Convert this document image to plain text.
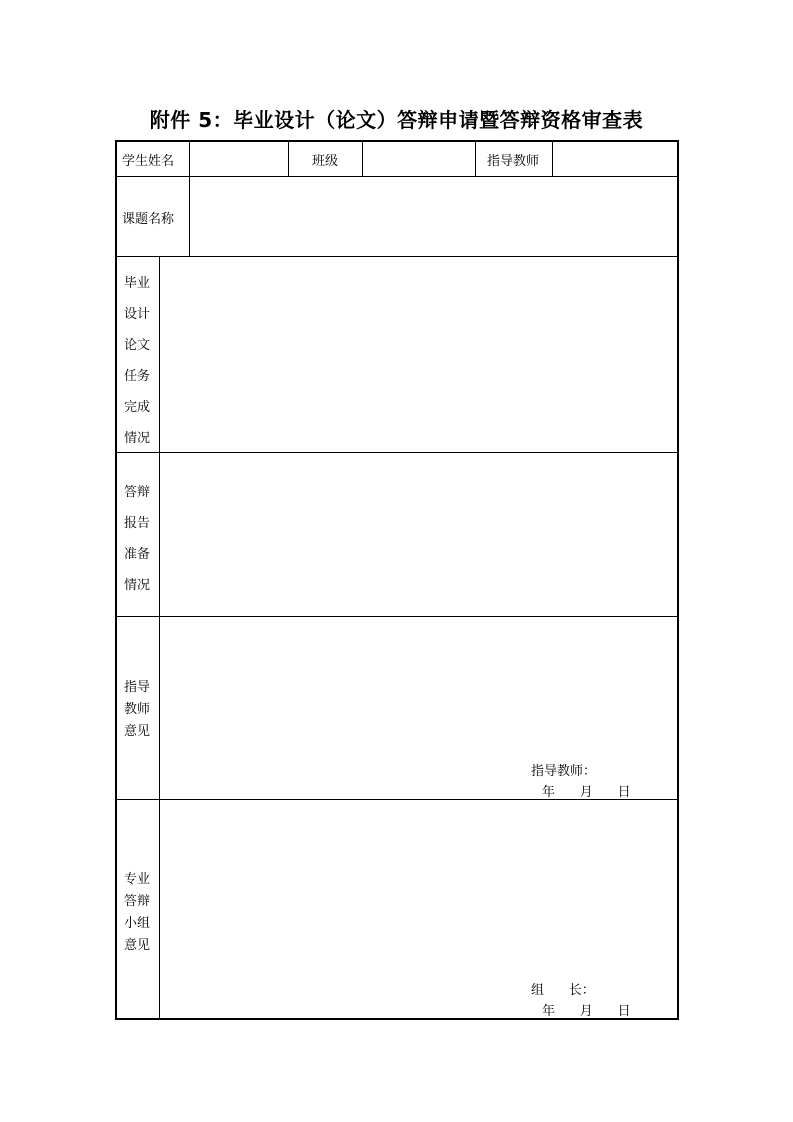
附件 5：毕业设计（论文）答辩申请暨答辩资格审查表
学生姓名	班级	指导教师
课题名称
毕业
设计
论文
任务
完成
情况
答辩
报告
准备
情况
指导
教师
意见
指导教师：
年      月      日
专业
答辩
小组
意见
组      长：
年      月      日
